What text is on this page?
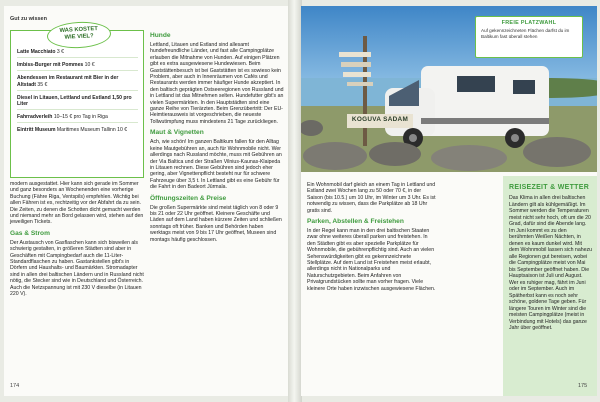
Gut zu wissen
WAS KOSTET
WIE VIEL?
Latte Macchiato 3 €
Imbiss-Burger mit Pommes 10 €
Abendessen im Restaurant mit Bier in der Altstadt 35 €
Diesel in Litauen, Lettland und Estland 1,50 pro Liter
Fahrradverleih 10–15 € pro Tag in Riga
Eintritt Museum Maritimes Museum Tallinn 10 €

modern ausgestattet. Hier kann sich gerade im Sommer und ganz besonders an Wochenenden eine vorherige Buchung (Fähre Riga, Ventspils) empfehlen. Wichtig bei allen Fähren ist es, rechtzeitig vor der Abfahrt da zu sein. Die Zeiten, zu denen die Schotten dicht gemacht werden und niemand mehr an Bord gelassen wird, stehen auf den jeweiligen Tickets.

Gas & Strom

Der Austausch von Gasflaschen kann sich bisweilen als schwierig gestalten, in größeren Städten sind aber in Geschäften mit Campingbedarf auch die 11-Liter-Standardflaschen zu haben. Gastankstellen gibt's in Dörfern und Haushalts- und Baumärkten. Stromadapter sind in allen drei baltischen Ländern und in Russland nicht nötig, die Stecker sind wie in Deutschland und Österreich. Auch die Netzspannung ist mit 230 V dieselbe (in Litauen 220 V).

Hunde

Lettland, Litauen und Estland sind allesamt hundefreundliche Länder, und fast alle Campingplätze erlauben die Mitnahme von Hunden. Auf einigen Plätzen gibt es extra ausgewiesene Hundewiesen. Beim Gaststättenbesuch ist bei Gaststätten ist es sowieso kein Problem, aber auch in Innenräumen von Cafés und Restaurants werden immer häufiger Hunde akzeptiert. In den baltisch geprägten Ostseeregionen von Russland und in Lettland ist das Mitnehmen selten. Hundefutter gibt's an vielen Supermärkten. In den Hauptstädten sind eine ganze Reihe von Tierärzten. Beim Grenzübertritt: Der EU-Heimtierausweis ist vorgeschrieben, die neueste Tollwutimpfung muss mindestens 21 Tage zurückliegen.

Maut & Vignetten

Ach, wie schön! Im ganzen Baltikum fallen für den Alltag keine Mautgebühren an, auch für Wohnmobile nicht. Wer allerdings nach Russland möchte, muss mit Gebühren an der Via Baltica und der Straßen Vilnius-Kaunas-Klaipeda in Litauen rechnen. Diese Gebühren sind jedoch eher gering, aber Vignettenpflicht besteht nur für schwere Fahrzeuge über 3,5 t. In Lettland gibt es eine Gebühr für die Fahrt in den Badeort Jūrmala.

Öffnungszeiten & Preise

Die großen Supermärkte sind meist täglich von 8 oder 9 bis 21 oder 22 Uhr geöffnet. Kleinere Geschäfte und Läden auf dem Land haben kürzere Zeiten und schließen sonntags oft früher. Banken und Behörden haben werktags meist von 9 bis 17 Uhr geöffnet, Museen sind montags häufig geschlossen.

174
KOGUVA SADAM
FREIE PLATZWAHL
Auf gekennzeichneten Flächen darfst du im Baltikum fast überall stehen

Ein Wohnmobil darf gleich an einem Tag in Lettland und Estland zwei Wochen lang zu 50 oder 70 €, in der Saison (bis 10.5.) um 10 Uhr, im Winter um 3 Uhr. Es ist notwendig zu wissen, dass die Parkplätze ab 18 Uhr gratis sind.

Parken, Abstellen & Freistehen

In der Regel kann man in den drei baltischen Staaten zwar ohne weiteres überall parken und freistehen. In den Städten gibt es aber spezielle Parkplätze für Wohnmobile, die gebührenpflichtig sind. Auch an vielen Sehenswürdigkeiten gibt es gekennzeichnete Stellplätze. Auf dem Land ist Freistehen meist erlaubt, allerdings nicht in Nationalparks und Naturschutzgebieten. Beim Anfahren von Privatgrundstücken sollte man vorher fragen. Viele kleinere Orte haben inzwischen ausgewiesene Flächen.

REISEZEIT & WETTER
Das Klima in allen drei baltischen Ländern gilt als kühlgemäßigt. Im Sommer werden die Temperaturen meist nicht sehr hoch, oft um die 20 Grad, dafür sind die Abende lang. Im Juni kommt es zu den berühmten Weißen Nächten, in denen es kaum dunkel wird. Mit dem Wohnmobil lassen sich nahezu alle Regionen gut bereisen, wobei die Campingplätze meist von Mai bis September geöffnet haben. Die Hauptsaison ist Juli und August. Wer es ruhiger mag, fährt im Juni oder im September. Auch im Spätherbst kann es noch sehr schöne, goldene Tage geben. Für längere Touren im Winter sind die meisten Campingplätze (meist in Verbindung mit Hotels) das ganze Jahr über geöffnet.
175
